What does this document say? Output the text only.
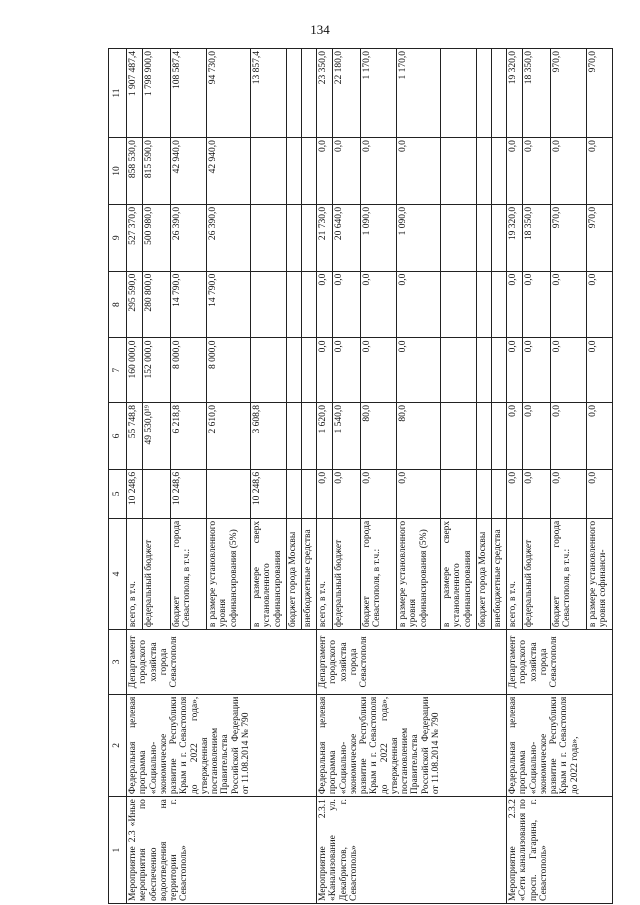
134
1	2	3	4	5	6	7	8	9	10	11
Мероприятие 2.3 «Иные мероприятия по обеспечению водоотведения на территории г. Севастополь»	Федеральная целевая программа «Социально-экономическое развитие Республики Крым и г. Севастополя до 2022 года», утвержденная постановлением Правительства Российской Федерации от 11.08.2014 № 790	Департамент городского хозяйства города Севастополя	всего, в т.ч.	10 248,6	55 748,8	160 000,0	295 590,0	527 370,0	858 530,0	1 907 487,4
			федеральный бюджет		49 530,0¹⁹	152 000,0	280 800,0	500 980,0	815 590,0	1 798 900,0
			бюджет города Севастополя, в т.ч.:	10 248,6	6 218,8	8 000,0	14 790,0	26 390,0	42 940,0	108 587,4
			в размере установленного уровня софинансирования (5%)		2 610,0	8 000,0	14 790,0	26 390,0	42 940,0	94 730,0
			в размере сверх установленного софинансирования	10 248,6	3 608,8					13 857,4
			бюджет города Москвы							
			внебюджетные средства							
Мероприятие 2.3.1 «Канализование ул. Декабристов, г. Севастополь»	Федеральная целевая программа «Социально-экономическое развитие Республики Крым и г. Севастополя до 2022 года», утвержденная постановлением Правительства Российской Федерации от 11.08.2014 № 790	Департамент городского хозяйства города Севастополя	всего, в т.ч.	0,0	1 620,0	0,0	0,0	21 730,0	0,0	23 350,0
			федеральный бюджет	0,0	1 540,0	0,0	0,0	20 640,0	0,0	22 180,0
			бюджет города Севастополя, в т.ч.:	0,0	80,0	0,0	0,0	1 090,0	0,0	1 170,0
			в размере установленного уровня софинансирования (5%)	0,0	80,0	0,0	0,0	1 090,0	0,0	1 170,0
			в размере сверх установленного софинансирования							
			бюджет города Москвы							
			внебюджетные средства							
Мероприятие 2.3.2 «Сети канализования по просп. Гагарина, г. Севастополь»	Федеральная целевая программа «Социально-экономическое развитие Республики Крым и г. Севастополя до 2022 года»,	Департамент городского хозяйства города Севастополя	всего, в т.ч.	0,0	0,0	0,0	0,0	19 320,0	0,0	19 320,0
			федеральный бюджет	0,0	0,0	0,0	0,0	18 350,0	0,0	18 350,0
			бюджет города Севастополя, в т.ч.:	0,0	0,0	0,0	0,0	970,0	0,0	970,0
			в размере установленного уровня софинанси-	0,0	0,0	0,0	0,0	970,0	0,0	970,0
